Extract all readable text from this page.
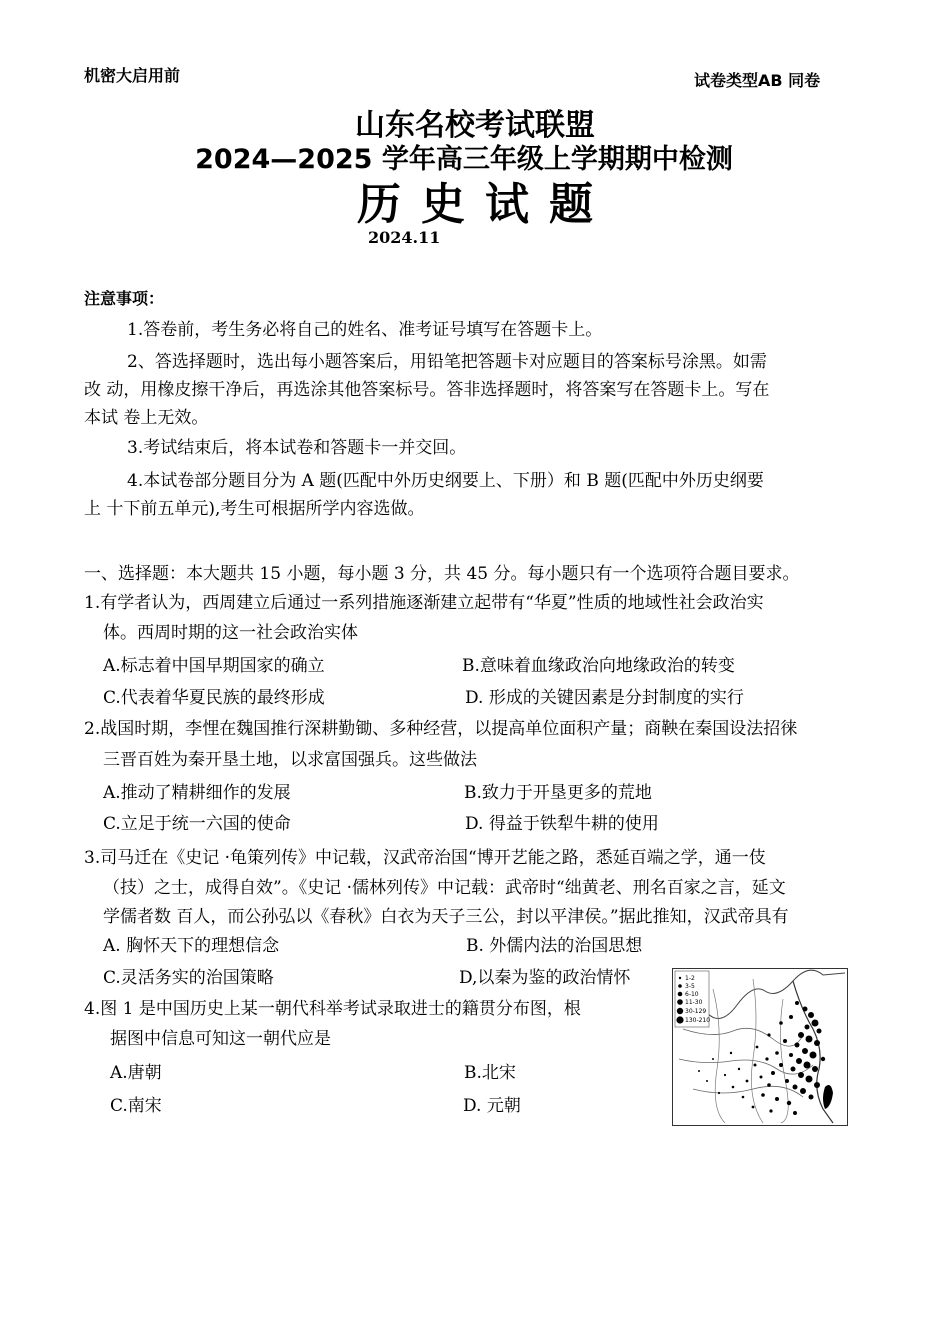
机密大启用前	试卷类型AB 同卷
山东名校考试联盟
2024—2025 学年高三年级上学期期中检测
历史试题
2024.11
注意事项：
1.答卷前，考生务必将自己的姓名、准考证号填写在答题卡上。
2、答选择题时，选出每小题答案后，用铅笔把答题卡对应题目的答案标号涂黑。如需
改 动，用橡皮擦干净后，再选涂其他答案标号。答非选择题时，将答案写在答题卡上。写在
本试 卷上无效。
3.考试结束后，将本试卷和答题卡一并交回。
4.本试卷部分题目分为 A 题(匹配中外历史纲要上、下册）和 B 题(匹配中外历史纲要
上 十下前五单元),考生可根据所学内容选做。
一、选择题：本大题共 15 小题，每小题 3 分，共 45 分。每小题只有一个选项符合题目要求。
1.有学者认为，西周建立后通过一系列措施逐渐建立起带有“华夏”性质的地域性社会政治实
体。西周时期的这一社会政治实体
A.标志着中国早期国家的确立	B.意味着血缘政治向地缘政治的转变
C.代表着华夏民族的最终形成	D. 形成的关键因素是分封制度的实行
2.战国时期，李悝在魏国推行深耕勤锄、多种经营，以提高单位面积产量；商鞅在秦国设法招徕
三晋百姓为秦开垦土地，以求富国强兵。这些做法
A.推动了精耕细作的发展	B.致力于开垦更多的荒地
C.立足于统一六国的使命	D. 得益于铁犁牛耕的使用
3.司马迁在《史记 ·龟策列传》中记载，汉武帝治国“博开艺能之路，悉延百端之学，通一伎
（技）之士，成得自效”。《史记 ·儒林列传》中记载：武帝时“绌黄老、刑名百家之言，延文
学儒者数 百人，而公孙弘以《春秋》白衣为天子三公，封以平津侯。”据此推知，汉武帝具有
A. 胸怀天下的理想信念	B. 外儒内法的治国思想
C.灵活务实的治国策略	D,以秦为鉴的政治情怀
4.图 1 是中国历史上某一朝代科举考试录取进士的籍贯分布图，根
据图中信息可知这一朝代应是
A.唐朝	B.北宋
C.南宋	D. 元朝
1-2
3-5
6-10
11-30
30-129
130-210
